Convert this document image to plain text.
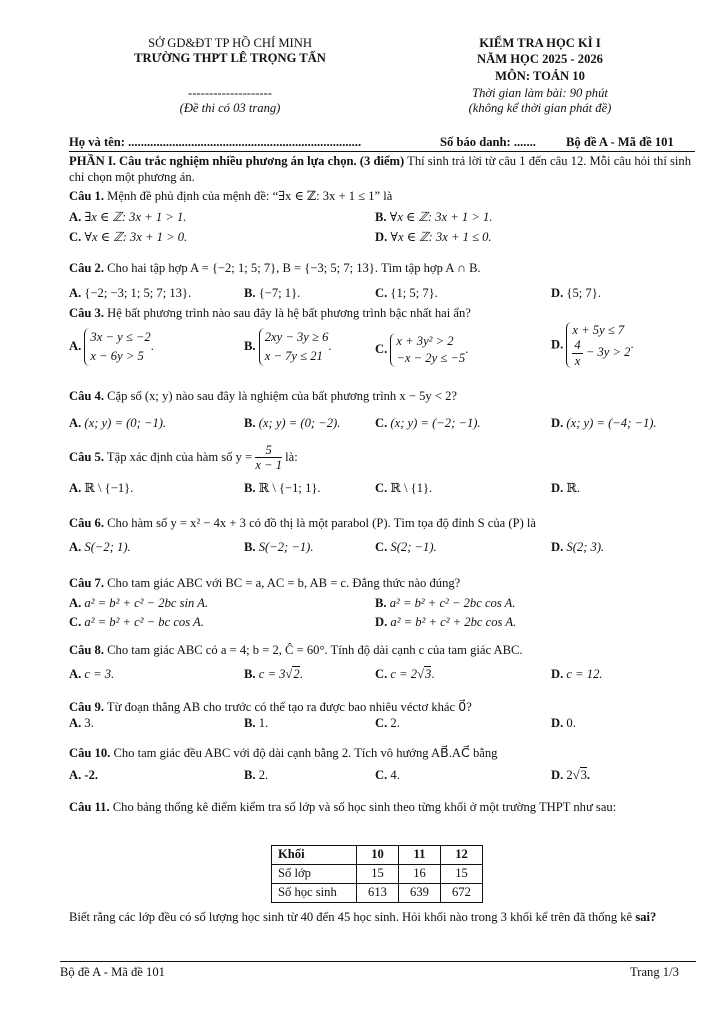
SỞ GD&ĐT TP HỒ CHÍ MINH
TRƯỜNG THPT LÊ TRỌNG TẤN
--------------------
(Đề thi có 03 trang)
KIỂM TRA HỌC KÌ I
NĂM HỌC 2025 - 2026
MÔN: TOÁN 10
Thời gian làm bài: 90 phút
(không kể thời gian phát đề)
Họ và tên: ..........................................................................	Số báo danh: ....... Bộ đề A - Mã đề 101
PHẦN I. Câu trắc nghiệm nhiều phương án lựa chọn. (3 điểm) Thí sinh trả lời từ câu 1 đến câu 12. Mỗi câu hỏi thí sinh chỉ chọn một phương án.
Câu 1. Mệnh đề phủ định của mệnh đề: “∃x ∈ ℤ: 3x + 1 ≤ 1” là
A. ∃x ∈ ℤ: 3x + 1 > 1.	B. ∀x ∈ ℤ: 3x + 1 > 1.
C. ∀x ∈ ℤ: 3x + 1 > 0.	D. ∀x ∈ ℤ: 3x + 1 ≤ 0.
Câu 2. Cho hai tập hợp A = {−2; 1; 5; 7}, B = {−3; 5; 7; 13}. Tìm tập hợp A ∩ B.
A. {−2; −3; 1; 5; 7; 13}.	B. {−7; 1}.	C. {1; 5; 7}.	D. {5; 7}.
Câu 3. Hệ bất phương trình nào sau đây là hệ bất phương trình bậc nhất hai ẩn?
A.
3x − y ≤ −2
x − 6y > 5
.	B.
2xy − 3y ≥ 6
x − 7y ≤ 21
.	C.
x + 3y² > 2
−x − 2y ≤ −5
.	D.
x + 5y ≤ 7
$\frac{4}{x} - 3y > 2$
.
Câu 4. Cặp số (x; y) nào sau đây là nghiệm của bất phương trình x − 5y < 2?
A. (x; y) = (0; −1).	B. (x; y) = (0; −2).	C. (x; y) = (−2; −1).	D. (x; y) = (−4; −1).
Câu 5. Tập xác định của hàm số $y = \frac{5}{x - 1}$ là:
A. ℝ \ {−1}.	B. ℝ \ {−1; 1}.	C. ℝ \ {1}.	D. ℝ.
Câu 6. Cho hàm số y = x² − 4x + 3 có đồ thị là một parabol (P). Tìm tọa độ đỉnh S của (P) là
A. S(−2; 1).	B. S(−2; −1).	C. S(2; −1).	D. S(2; 3).
Câu 7. Cho tam giác ABC với BC = a, AC = b, AB = c. Đẳng thức nào đúng?
A. a² = b² + c² − 2bc sin A.	B. a² = b² + c² − 2bc cos A.
C. a² = b² + c² − bc cos A.	D. a² = b² + c² + 2bc cos A.
Câu 8. Cho tam giác ABC có a = 4; b = 2, Ĉ = 60°. Tính độ dài cạnh c của tam giác ABC.
A. c = 3.	B. c = 3√2.	C. c = 2√3.	D. c = 12.
Câu 9. Từ đoạn thẳng AB cho trước có thể tạo ra được bao nhiêu véctơ khác 0⃗?
A. 3.	B. 1.	C. 2.	D. 0.
Câu 10. Cho tam giác đều ABC với độ dài cạnh bằng 2. Tích vô hướng AB⃗.AC⃗ bằng
A. -2.	B. 2.	C. 4.	D. 2√3.
Câu 11. Cho bảng thống kê điểm kiểm tra số lớp và số học sinh theo từng khối ở một trường THPT như sau:
Khối	10	11	12
Số lớp	15	16	15
Số học sinh	613	639	672
Biết rằng các lớp đều có số lượng học sinh từ 40 đến 45 học sinh. Hỏi khối nào trong 3 khối kể trên đã thống kê sai?
Bộ đề A - Mã đề 101	Trang 1/3
